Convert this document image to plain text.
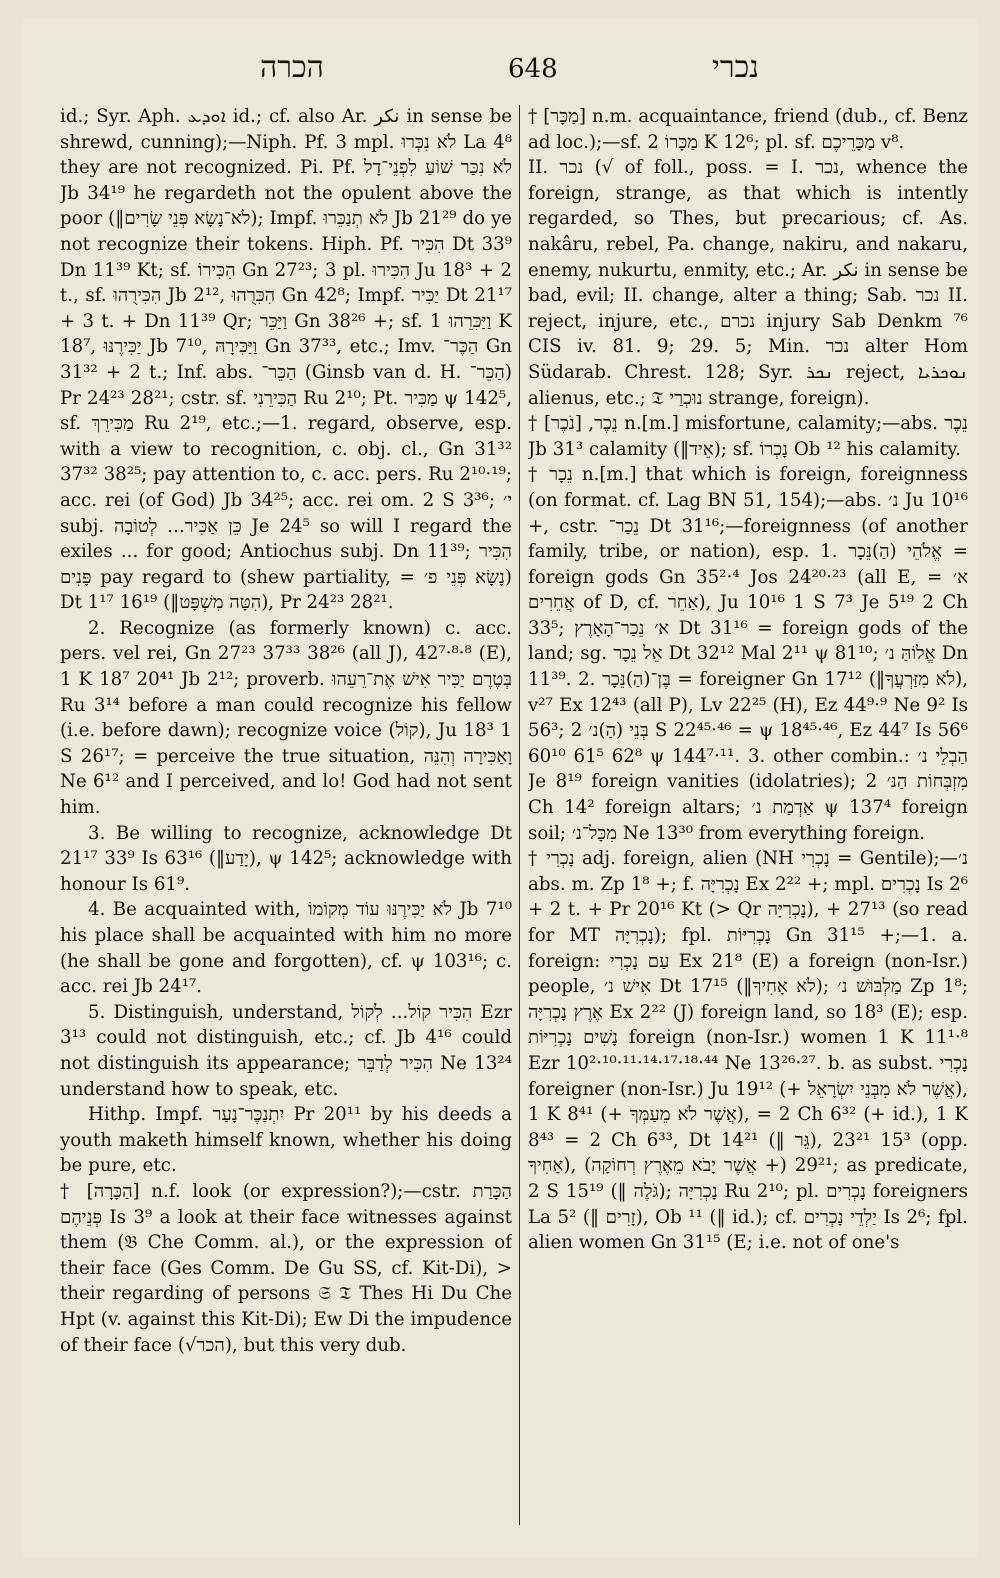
הכרה	648	נכרי

id.; Syr. Aph. ܐܘܕܥ id.; cf. also Ar. نكر in sense be shrewd, cunning);—Niph. Pf. 3 mpl. לֹא נִכְּרוּ La 4⁸ they are not recognized. Pi. Pf. לֹא נִכַּר שׁוֹעַ לִפְנֵי־דָל Jb 34¹⁹ he regardeth not the opulent above the poor (‖לֹא־נָשָׂא פְּנֵי שָׂרִים); Impf. לֹא תְנַכֵּרוּ Jb 21²⁹ do ye not recognize their tokens. Hiph. Pf. הִכִּיר Dt 33⁹ Dn 11³⁹ Kt; sf. הִכִּירוֹ Gn 27²³; 3 pl. הִכִּירוּ Ju 18³ + 2 t., sf. הִכִּירֻהוּ Jb 2¹², הִכִּרֻהוּ Gn 42⁸; Impf. יַכִּיר Dt 21¹⁷ + 3 t. + Dn 11³⁹ Qr; וַיַּכֵּר Gn 38²⁶ +; sf. וַיַּכִּרֵהוּ 1 K 18⁷, יַכִּירֶנּוּ Jb 7¹⁰, וַיַּכִּירָהּ Gn 37³³, etc.; Imv. הַכֶּר־ Gn 31³² + 2 t.; Inf. abs. הַכֵּר־ (Ginsb van d. H. הַכֵּר־) Pr 24²³ 28²¹; cstr. sf. הַכִּירֵנִי Ru 2¹⁰; Pt. מַכִּיר ψ 142⁵, sf. מַכִּירֵךְ Ru 2¹⁹, etc.;—1. regard, observe, esp. with a view to recognition, c. obj. cl., Gn 31³² 37³² 38²⁵; pay attention to, c. acc. pers. Ru 2¹⁰·¹⁹; acc. rei (of God) Jb 34²⁵; acc. rei om. 2 S 3³⁶; י׳ subj. כֵּן אַכִּיר... לְטוֹבָה Je 24⁵ so will I regard the exiles ... for good; Antiochus subj. Dn 11³⁹; הִכִּיר פָּנִים pay regard to (shew partiality, = נָשָׂא פְּנֵי פ׳) Dt 1¹⁷ 16¹⁹ (‖הִטָּה מִשְׁפָּט), Pr 24²³ 28²¹.

2. Recognize (as formerly known) c. acc. pers. vel rei, Gn 27²³ 37³³ 38²⁶ (all J), 42⁷·⁸·⁸ (E), 1 K 18⁷ 20⁴¹ Jb 2¹²; proverb. בְּטֶרֶם יַכִּיר אִישׁ אֶת־רֵעֵהוּ Ru 3¹⁴ before a man could recognize his fellow (i.e. before dawn); recognize voice (קוֹל), Ju 18³ 1 S 26¹⁷; = perceive the true situation, וָאַכִּירָה וְהִנֵּה Ne 6¹² and I perceived, and lo! God had not sent him.

3. Be willing to recognize, acknowledge Dt 21¹⁷ 33⁹ Is 63¹⁶ (‖יָדַע), ψ 142⁵; acknowledge with honour Is 61⁹.

4. Be acquainted with, לֹא יַכִּירֶנּוּ עוֹד מְקוֹמוֹ Jb 7¹⁰ his place shall be acquainted with him no more (he shall be gone and forgotten), cf. ψ 103¹⁶; c. acc. rei Jb 24¹⁷.

5. Distinguish, understand, הִכִּיר קוֹל... לְקוֹל Ezr 3¹³ could not distinguish, etc.; cf. Jb 4¹⁶ could not distinguish its appearance; הִכִּיר לְדַבֵּר Ne 13²⁴ understand how to speak, etc.

Hithp. Impf. יִתְנַכֶּר־נָעַר Pr 20¹¹ by his deeds a youth maketh himself known, whether his doing be pure, etc.

† [הַכָּרָה] n.f. look (or expression?);—cstr. הַכָּרַת פְּנֵיהֶם Is 3⁹ a look at their face witnesses against them (𝔅 Che Comm. al.), or the expression of their face (Ges Comm. De Gu SS, cf. Kit-Di), > their regarding of persons 𝔖 𝔗 Thes Hi Du Che Hpt (v. against this Kit-Di); Ew Di the impudence of their face (√הכר), but this very dub.

† [מַכָּר] n.m. acquaintance, friend (dub., cf. Benz ad loc.);—sf. מַכָּרוֹ 2 K 12⁶; pl. sf. מַכָּרֵיכֶם v⁸.

II. נכר (√ of foll., poss. = I. נכר, whence the foreign, strange, as that which is intently regarded, so Thes, but precarious; cf. As. nakâru, rebel, Pa. change, nakiru, and nakaru, enemy, nukurtu, enmity, etc.; Ar. نكر in sense be bad, evil; II. change, alter a thing; Sab. נכר II. reject, injure, etc., נכרם injury Sab Denkm ⁷⁶ CIS iv. 81. 9; 29. 5; Min. נכר alter Hom Südarab. Chrest. 128; Syr. ܢܟܪ reject, ܢܘܟܪܝܐ alienus, etc.; 𝔗 נוּכְרַי strange, foreign).

† נֵכֶר, [נֹכֶר] n.[m.] misfortune, calamity;—abs. נֵכֶר Jb 31³ calamity (‖אֵיד); sf. נָכְרוֹ Ob ¹² his calamity.

† נֵכָר n.[m.] that which is foreign, foreignness (on format. cf. Lag BN 51, 154);—abs. נ׳ Ju 10¹⁶ +, cstr. נֵכַר־ Dt 31¹⁶;—foreignness (of another family, tribe, or nation), esp. 1. אֱלֹהֵי (הַ)נֵּכָר = foreign gods Gn 35²·⁴ Jos 24²⁰·²³ (all E, = א׳ אֲחֵרִים of D, cf. אַחֵר), Ju 10¹⁶ 1 S 7³ Je 5¹⁹ 2 Ch 33⁵; א׳ נֵכַר־הָאָרֶץ Dt 31¹⁶ = foreign gods of the land; sg. אֵל נֵכָר Dt 32¹² Mal 2¹¹ ψ 81¹⁰; אֱלוֹהַּ נ׳ Dn 11³⁹. 2. בֶּן־(הַ)נֵּכָר = foreigner Gn 17¹² (‖לֹא מִזַּרְעֲךָ), v²⁷ Ex 12⁴³ (all P), Lv 22²⁵ (H), Ez 44⁹·⁹ Ne 9² Is 56³; בְּנֵי (הַ)נ׳ 2 S 22⁴⁵·⁴⁶ = ψ 18⁴⁵·⁴⁶, Ez 44⁷ Is 56⁶ 60¹⁰ 61⁵ 62⁸ ψ 144⁷·¹¹. 3. other combin.: הַבְלֵי נ׳ Je 8¹⁹ foreign vanities (idolatries); מִזְבְּחוֹת הַנּ׳ 2 Ch 14² foreign altars; אַדְמַת נ׳ ψ 137⁴ foreign soil; מִכָּל־נ׳ Ne 13³⁰ from everything foreign.

† נָכְרִי adj. foreign, alien (NH נָכְרִי = Gentile);—נ׳ abs. m. Zp 1⁸ +; f. נָכְרִיָּה Ex 2²² +; mpl. נָכְרִים Is 2⁶ + 2 t. + Pr 20¹⁶ Kt (> Qr נָכְרִיָּה), + 27¹³ (so read for MT נָכְרִיָּה); fpl. נָכְרִיּוֹת Gn 31¹⁵ +;—1. a. foreign: עַם נָכְרִי Ex 21⁸ (E) a foreign (non-Isr.) people, אִישׁ נ׳ Dt 17¹⁵ (‖לֹא אָחִיךָ); מַלְבּוּשׁ נ׳ Zp 1⁸; אֶרֶץ נָכְרִיָּה Ex 2²² (J) foreign land, so 18³ (E); esp. נָשִׁים נָכְרִיּוֹת foreign (non-Isr.) women 1 K 11¹·⁸ Ezr 10²·¹⁰·¹¹·¹⁴·¹⁷·¹⁸·⁴⁴ Ne 13²⁶·²⁷. b. as subst. נָכְרִי foreigner (non-Isr.) Ju 19¹² (+ אֲשֶׁר לֹא מִבְּנֵי יִשְׂרָאֵל), 1 K 8⁴¹ (+ אֲשֶׁר לֹא מֵעַמְּךָ), = 2 Ch 6³² (+ id.), 1 K 8⁴³ = 2 Ch 6³³, Dt 14²¹ (‖ גֵּר), 15³ 23²¹ (opp. אָחִיךָ), 29²¹ (+ אֲשֶׁר יָבֹא מֵאֶרֶץ רְחוֹקָה); as predicate, 2 S 15¹⁹ (‖ גֹּלֶה); נָכְרִיָּה Ru 2¹⁰; pl. נָכְרִים foreigners La 5² (‖ זָרִים), Ob ¹¹ (‖ id.); cf. יַלְדֵי נָכְרִים Is 2⁶; fpl. alien women Gn 31¹⁵ (E; i.e. not of one's
